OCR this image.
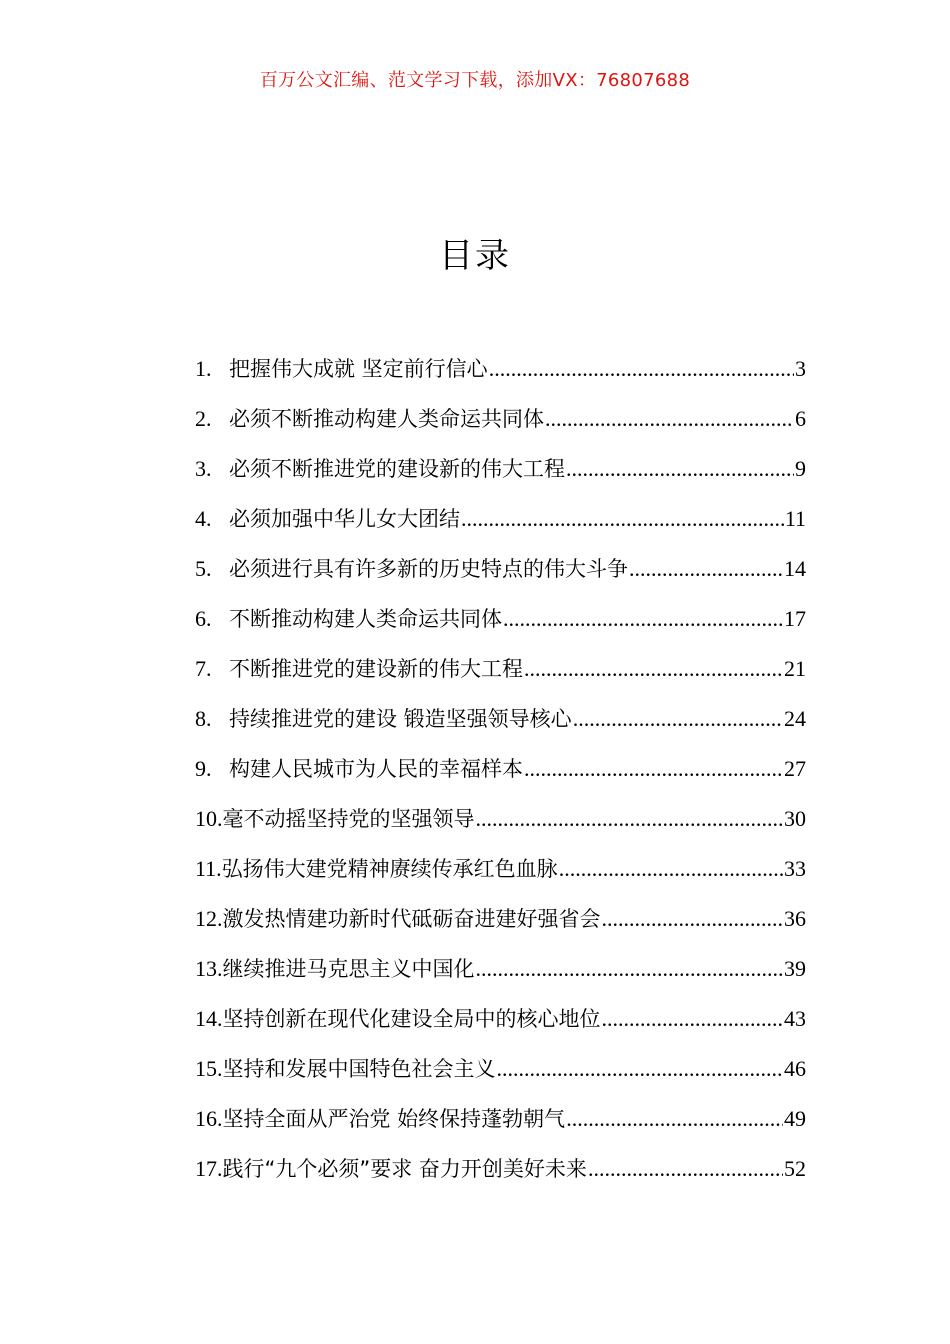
百万公文汇编、范文学习下载，添加VX：76807688
目录
1. 把握伟大成就 坚定前行信心 .....	3
2. 必须不断推动构建人类命运共同体 .....	6
3. 必须不断推进党的建设新的伟大工程 .....	9
4. 必须加强中华儿女大团结 .....	11
5. 必须进行具有许多新的历史特点的伟大斗争 .....	14
6. 不断推动构建人类命运共同体 .....	17
7. 不断推进党的建设新的伟大工程 .....	21
8. 持续推进党的建设 锻造坚强领导核心 .....	24
9. 构建人民城市为人民的幸福样本 .....	27
10. 毫不动摇坚持党的坚强领导 .....	30
11. 弘扬伟大建党精神赓续传承红色血脉 .....	33
12. 激发热情建功新时代砥砺奋进建好强省会 .....	36
13. 继续推进马克思主义中国化 .....	39
14. 坚持创新在现代化建设全局中的核心地位 .....	43
15. 坚持和发展中国特色社会主义 .....	46
16. 坚持全面从严治党 始终保持蓬勃朝气 .....	49
17. 践行“九个必须”要求 奋力开创美好未来 .....	52
